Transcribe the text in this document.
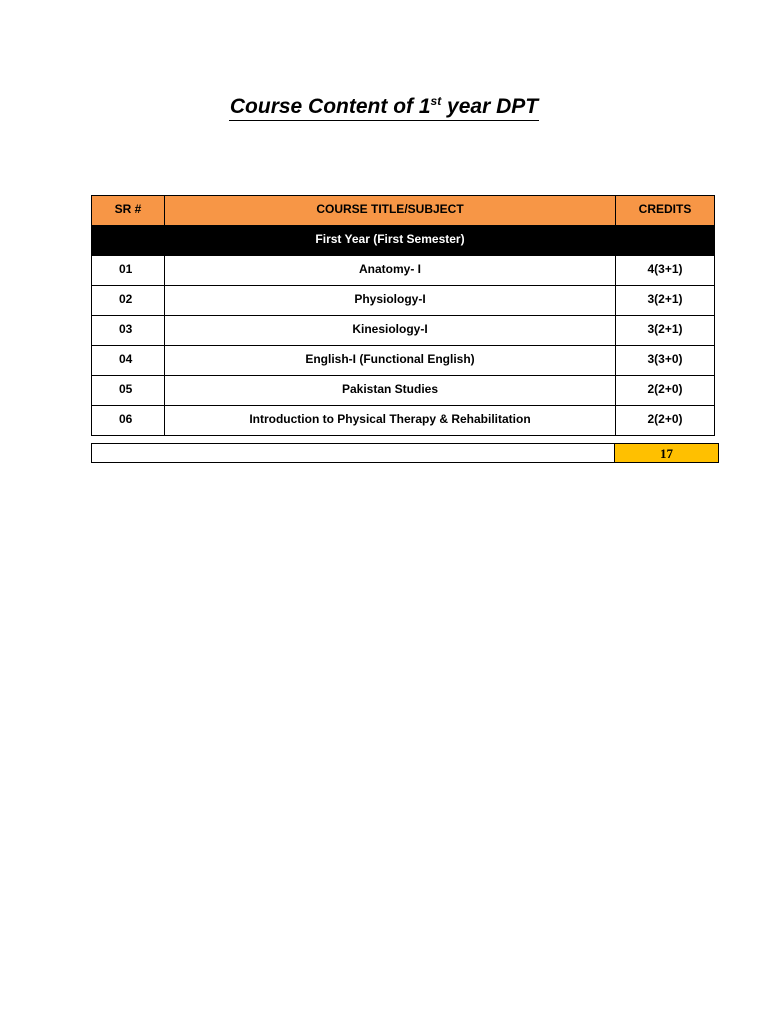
Course Content of 1st year DPT
SR #	COURSE TITLE/SUBJECT	CREDITS
	First Year (First Semester)	
01	Anatomy- I	4(3+1)
02	Physiology-I	3(2+1)
03	Kinesiology-I	3(2+1)
04	English-I (Functional English)	3(3+0)
05	Pakistan Studies	2(2+0)
06	Introduction to Physical Therapy & Rehabilitation	2(2+0)
	17
